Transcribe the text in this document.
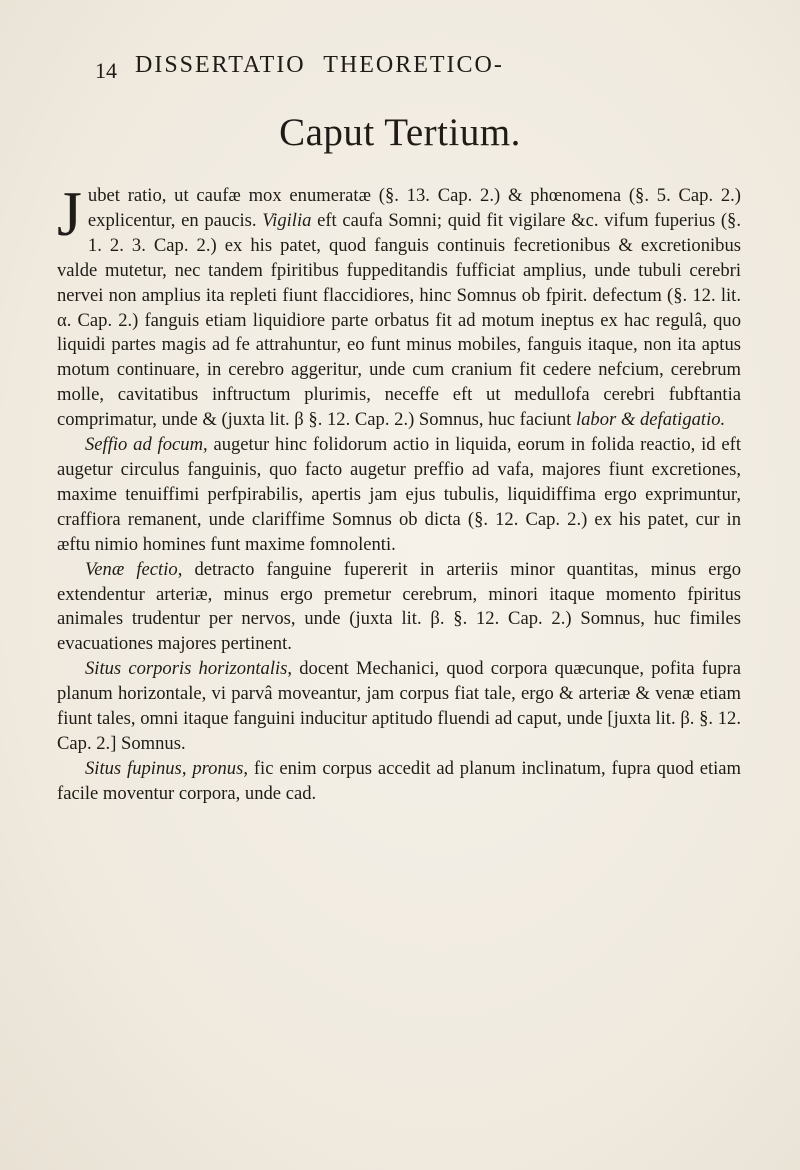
14 DISSERTATIO THEORETICO-
Caput Tertium.

Jubet ratio, ut caufæ mox enumeratæ (§. 13. Cap. 2.) & phœnomena (§. 5. Cap. 2.) explicentur, en paucis. Vigilia eft caufa Somni; quid fit vigilare &c. vifum fuperius (§. 1. 2. 3. Cap. 2.) ex his patet, quod fanguis continuis fecretionibus & excretionibus valde mutetur, nec tandem fpiritibus fuppeditandis fufficiat amplius, unde tubuli cerebri nervei non amplius ita repleti fiunt flaccidiores, hinc Somnus ob fpirit. defectum (§. 12. lit. α. Cap. 2.) fanguis etiam liquidiore parte orbatus fit ad motum ineptus ex hac regulâ, quo liquidi partes magis ad fe attrahuntur, eo funt minus mobiles, fanguis itaque, non ita aptus motum continuare, in cerebro aggeritur, unde cum cranium fit cedere nefcium, cerebrum molle, cavitatibus inftructum plurimis, neceffe eft ut medullofa cerebri fubftantia comprimatur, unde & (juxta lit. β §. 12. Cap. 2.) Somnus, huc faciunt labor & defatigatio.

Seffio ad focum, augetur hinc folidorum actio in liquida, eorum in folida reactio, id eft augetur circulus fanguinis, quo facto augetur preffio ad vafa, majores fiunt excretiones, maxime tenuiffimi perfpirabilis, apertis jam ejus tubulis, liquidiffima ergo exprimuntur, craffiora remanent, unde clariffime Somnus ob dicta (§. 12. Cap. 2.) ex his patet, cur in æftu nimio homines funt maxime fomnolenti.

Venæ fectio, detracto fanguine fupererit in arteriis minor quantitas, minus ergo extendentur arteriæ, minus ergo premetur cerebrum, minori itaque momento fpiritus animales trudentur per nervos, unde (juxta lit. β. §. 12. Cap. 2.) Somnus, huc fimiles evacuationes majores pertinent.

Situs corporis horizontalis, docent Mechanici, quod corpora quæcunque, pofita fupra planum horizontale, vi parvâ moveantur, jam corpus fiat tale, ergo & arteriæ & venæ etiam fiunt tales, omni itaque fanguini inducitur aptitudo fluendi ad caput, unde [juxta lit. β. §. 12. Cap. 2.] Somnus.

Situs fupinus, pronus, fic enim corpus accedit ad planum inclinatum, fupra quod etiam facile moventur corpora, unde cad.
